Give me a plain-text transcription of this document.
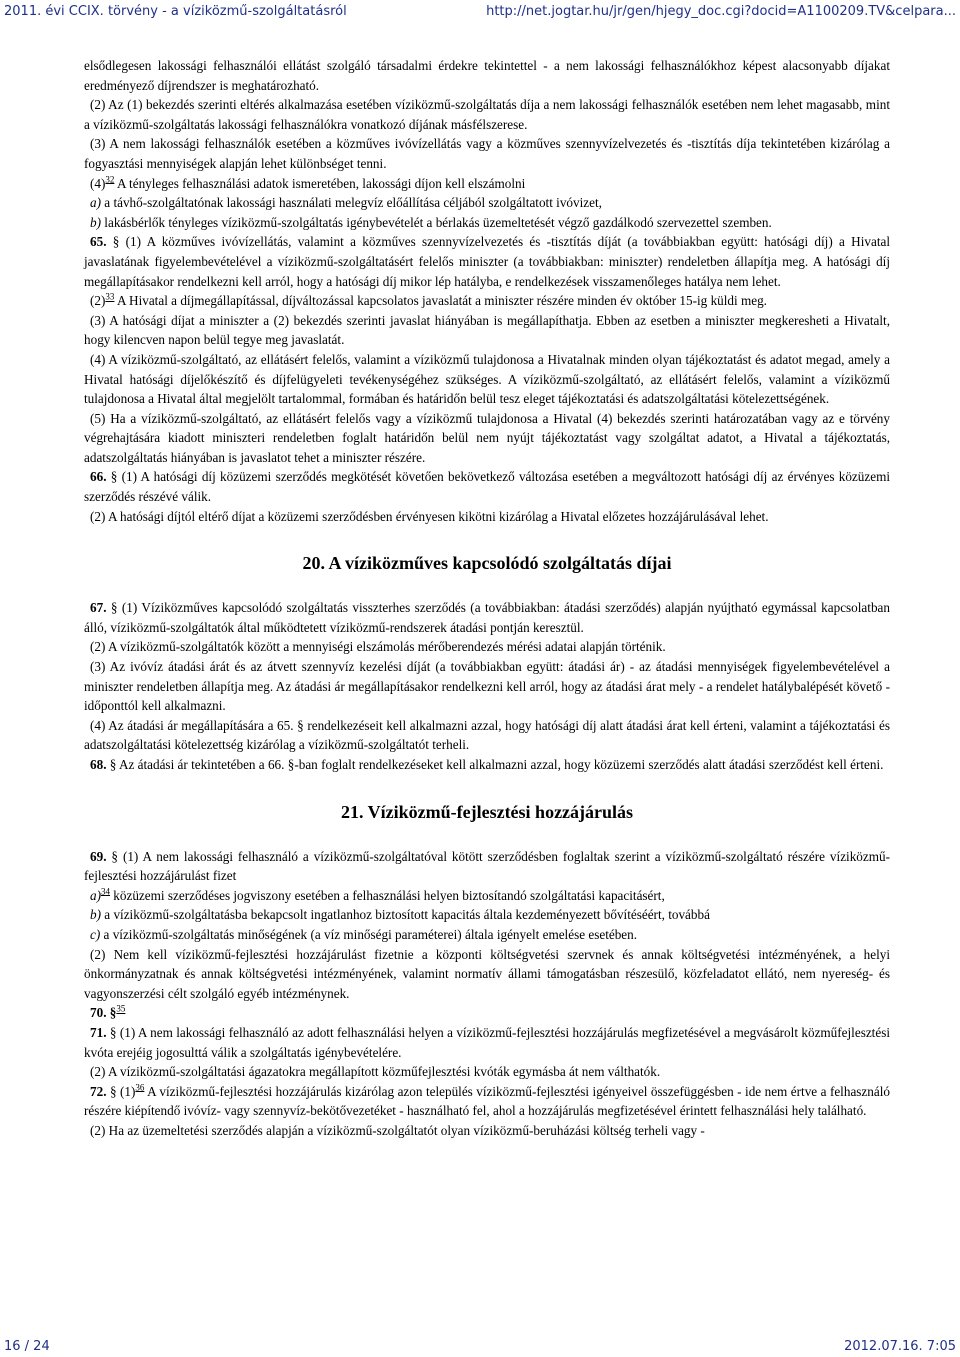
2011. évi CCIX. törvény - a víziközmű-szolgáltatásról	http://net.jogtar.hu/jr/gen/hjegy_doc.cgi?docid=A1100209.TV&celpara...

elsődlegesen lakossági felhasználói ellátást szolgáló társadalmi érdekre tekintettel - a nem lakossági felhasználókhoz képest alacsonyabb díjakat eredményező díjrendszer is meghatározható.

(2) Az (1) bekezdés szerinti eltérés alkalmazása esetében víziközmű-szolgáltatás díja a nem lakossági felhasználók esetében nem lehet magasabb, mint a víziközmű-szolgáltatás lakossági felhasználókra vonatkozó díjának másfélszerese.

(3) A nem lakossági felhasználók esetében a közműves ivóvízellátás vagy a közműves szennyvízelvezetés és -tisztítás díja tekintetében kizárólag a fogyasztási mennyiségek alapján lehet különbséget tenni.

$(4)^{32}$ A tényleges felhasználási adatok ismeretében, lakossági díjon kell elszámolni

a) a távhő-szolgáltatónak lakossági használati melegvíz előállítása céljából szolgáltatott ivóvizet,

b) lakásbérlők tényleges víziközmű-szolgáltatás igénybevételét a bérlakás üzemeltetését végző gazdálkodó szervezettel szemben.

65. § (1) A közműves ivóvízellátás, valamint a közműves szennyvízelvezetés és -tisztítás díját (a továbbiakban együtt: hatósági díj) a Hivatal javaslatának figyelembevételével a víziközmű-szolgáltatásért felelős miniszter (a továbbiakban: miniszter) rendeletben állapítja meg. A hatósági díj megállapításakor rendelkezni kell arról, hogy a hatósági díj mikor lép hatályba, e rendelkezések visszamenőleges hatálya nem lehet.

$(2)^{33}$ A Hivatal a díjmegállapítással, díjváltozással kapcsolatos javaslatát a miniszter részére minden év október 15-ig küldi meg.

(3) A hatósági díjat a miniszter a (2) bekezdés szerinti javaslat hiányában is megállapíthatja. Ebben az esetben a miniszter megkeresheti a Hivatalt, hogy kilencven napon belül tegye meg javaslatát.

(4) A víziközmű-szolgáltató, az ellátásért felelős, valamint a víziközmű tulajdonosa a Hivatalnak minden olyan tájékoztatást és adatot megad, amely a Hivatal hatósági díjelőkészítő és díjfelügyeleti tevékenységéhez szükséges. A víziközmű-szolgáltató, az ellátásért felelős, valamint a víziközmű tulajdonosa a Hivatal által megjelölt tartalommal, formában és határidőn belül tesz eleget tájékoztatási és adatszolgáltatási kötelezettségének.

(5) Ha a víziközmű-szolgáltató, az ellátásért felelős vagy a víziközmű tulajdonosa a Hivatal (4) bekezdés szerinti határozatában vagy az e törvény végrehajtására kiadott miniszteri rendeletben foglalt határidőn belül nem nyújt tájékoztatást vagy szolgáltat adatot, a Hivatal a tájékoztatás, adatszolgáltatás hiányában is javaslatot tehet a miniszter részére.

66. § (1) A hatósági díj közüzemi szerződés megkötését követően bekövetkező változása esetében a megváltozott hatósági díj az érvényes közüzemi szerződés részévé válik.

(2) A hatósági díjtól eltérő díjat a közüzemi szerződésben érvényesen kikötni kizárólag a Hivatal előzetes hozzájárulásával lehet.

20. A víziközműves kapcsolódó szolgáltatás díjai

67. § (1) Víziközműves kapcsolódó szolgáltatás visszterhes szerződés (a továbbiakban: átadási szerződés) alapján nyújtható egymással kapcsolatban álló, víziközmű-szolgáltatók által működtetett víziközmű-rendszerek átadási pontján keresztül.

(2) A víziközmű-szolgáltatók között a mennyiségi elszámolás mérőberendezés mérési adatai alapján történik.

(3) Az ivóvíz átadási árát és az átvett szennyvíz kezelési díját (a továbbiakban együtt: átadási ár) - az átadási mennyiségek figyelembevételével a miniszter rendeletben állapítja meg. Az átadási ár megállapításakor rendelkezni kell arról, hogy az átadási árat mely - a rendelet hatálybalépését követő - időponttól kell alkalmazni.

(4) Az átadási ár megállapítására a 65. § rendelkezéseit kell alkalmazni azzal, hogy hatósági díj alatt átadási árat kell érteni, valamint a tájékoztatási és adatszolgáltatási kötelezettség kizárólag a víziközmű-szolgáltatót terheli.

68. § Az átadási ár tekintetében a 66. §-ban foglalt rendelkezéseket kell alkalmazni azzal, hogy közüzemi szerződés alatt átadási szerződést kell érteni.

21. Víziközmű-fejlesztési hozzájárulás

69. § (1) A nem lakossági felhasználó a víziközmű-szolgáltatóval kötött szerződésben foglaltak szerint a víziközmű-szolgáltató részére víziközmű-fejlesztési hozzájárulást fizet

a)$^{34}$ közüzemi szerződéses jogviszony esetében a felhasználási helyen biztosítandó szolgáltatási kapacitásért,

b) a víziközmű-szolgáltatásba bekapcsolt ingatlanhoz biztosított kapacitás általa kezdeményezett bővítéséért, továbbá

c) a víziközmű-szolgáltatás minőségének (a víz minőségi paraméterei) általa igényelt emelése esetében.

(2) Nem kell víziközmű-fejlesztési hozzájárulást fizetnie a központi költségvetési szervnek és annak költségvetési intézményének, a helyi önkormányzatnak és annak költségvetési intézményének, valamint normatív állami támogatásban részesülő, közfeladatot ellátó, nem nyereség- és vagyonszerzési célt szolgáló egyéb intézménynek.

70. §$^{35}$

71. § (1) A nem lakossági felhasználó az adott felhasználási helyen a víziközmű-fejlesztési hozzájárulás megfizetésével a megvásárolt közműfejlesztési kvóta erejéig jogosulttá válik a szolgáltatás igénybevételére.

(2) A víziközmű-szolgáltatási ágazatokra megállapított közműfejlesztési kvóták egymásba át nem válthatók.

72. § $(1)^{36}$ A víziközmű-fejlesztési hozzájárulás kizárólag azon település víziközmű-fejlesztési igényeivel összefüggésben - ide nem értve a felhasználó részére kiépítendő ivóvíz- vagy szennyvíz-bekötővezetéket - használható fel, ahol a hozzájárulás megfizetésével érintett felhasználási hely található.

(2) Ha az üzemeltetési szerződés alapján a víziközmű-szolgáltatót olyan víziközmű-beruházási költség terheli vagy -

16 / 24	2012.07.16. 7:05
